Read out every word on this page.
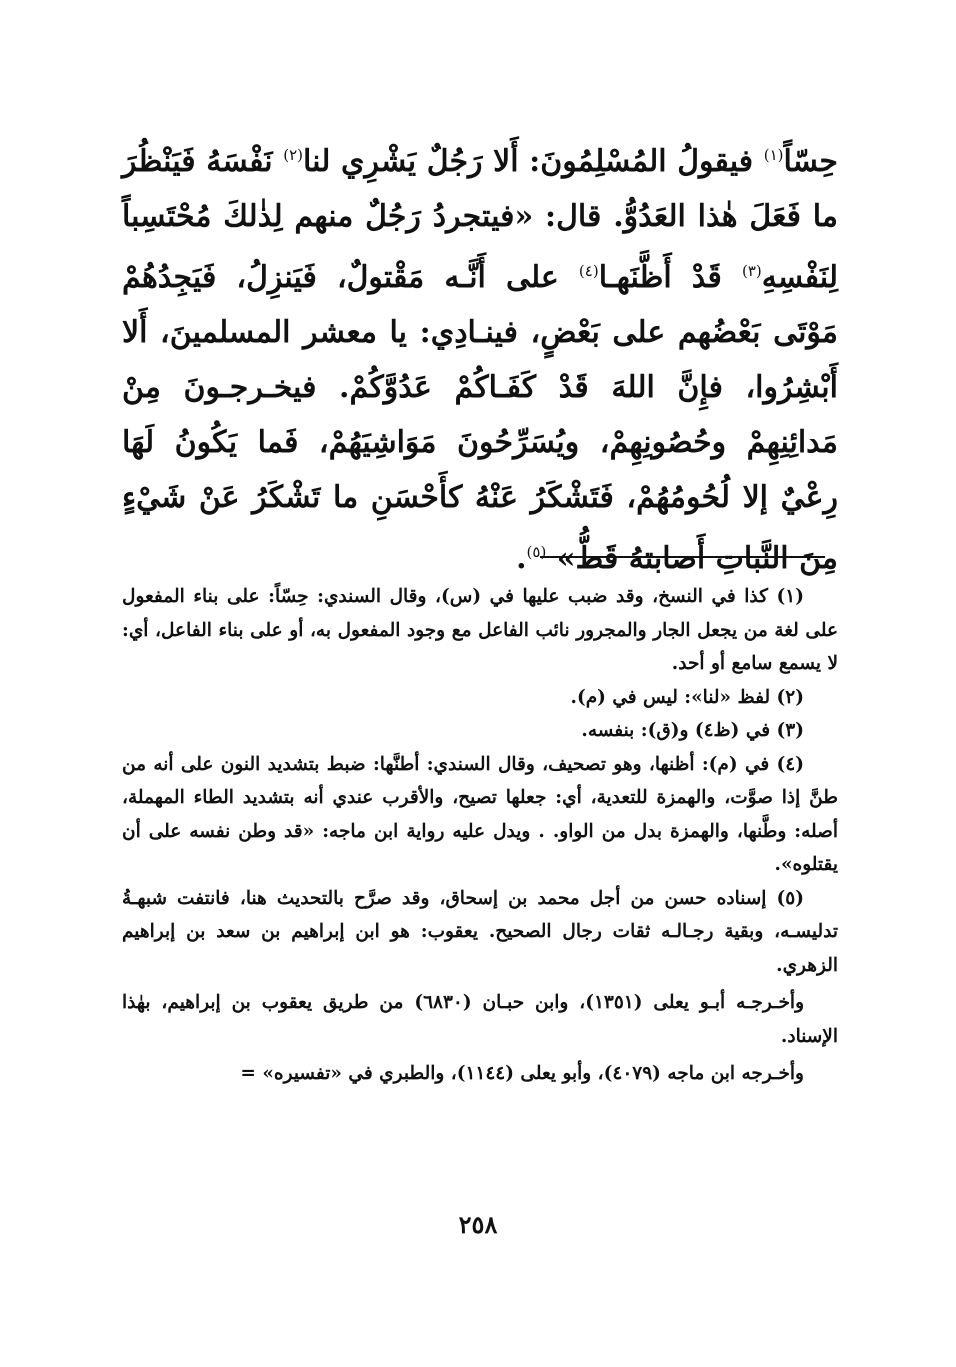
حِسّاً$^{(١)}$ فيقولُ المُسْلِمُونَ: أَلا رَجُلٌ يَشْرِي لنا$^{(٢)}$ نَفْسَهُ فَيَنْظُرَ ما فَعَلَ هٰذا العَدُوُّ. قال: «فيتجردُ رَجُلٌ منهم لِذٰلكَ مُحْتَسِباً لِنَفْسِهِ$^{(٣)}$ قَدْ أَظَّنَهـا$^{(٤)}$ على أَنَّـه مَقْتولٌ، فَيَنزِلُ، فَيَجِدُهُمْ مَوْتَى بَعْضُهم على بَعْضٍ، فينـادِي: يا معشر المسلمينَ، أَلا أَبْشِرُوا، فإِنَّ اللهَ قَدْ كَفَـاكُمْ عَدُوَّكُمْ. فيخـرجـونَ مِنْ مَدائِنِهِمْ وحُصُونِهِمْ، ويُسَرِّحُونَ مَوَاشِيَهُمْ، فَما يَكُونُ لَهَا رِعْيٌ إلا لُحُومُهُمْ، فَتَشْكَرُ عَنْهُ كأَحْسَنِ ما تَشْكَرُ عَنْ شَيْءٍ مِنَ النَّباتِ أَصابتهُ قَطُّ» $^{(٥)}$.

(١) كذا في النسخ، وقد ضبب عليها في (س)، وقال السندي: حِسّاً: على بناء المفعول على لغة من يجعل الجار والمجرور نائب الفاعل مع وجود المفعول به، أو على بناء الفاعل، أي: لا يسمع سامع أو أحد.

(٢) لفظ «لنا»: ليس في (م).

(٣) في (ظ٤) و(ق): بنفسه.

(٤) في (م): أظنها، وهو تصحيف، وقال السندي: أطنَّها: ضبط بتشديد النون على أنه من طنَّ إذا صوَّت، والهمزة للتعدية، أي: جعلها تصيح، والأقرب عندي أنه بتشديد الطاء المهملة، أصله: وطَّنها، والهمزة بدل من الواو. . ويدل عليه رواية ابن ماجه: «قد وطن نفسه على أن يقتلوه».

(٥) إسناده حسن من أجل محمد بن إسحاق، وقد صرَّح بالتحديث هنا، فانتفت شبهـةُ تدليسـه، وبقية رجـالـه ثقات رجال الصحيح. يعقوب: هو ابن إبراهيم بن سعد بن إبراهيم الزهري.

وأخـرجـه أبـو يعلى (١٣٥١)، وابن حبـان (٦٨٣٠) من طريق يعقوب بن إبراهيم، بهٰذا الإسناد.

وأخـرجه ابن ماجه (٤٠٧٩)، وأبو يعلى (١١٤٤)، والطبري في «تفسيره» =

٢٥٨
